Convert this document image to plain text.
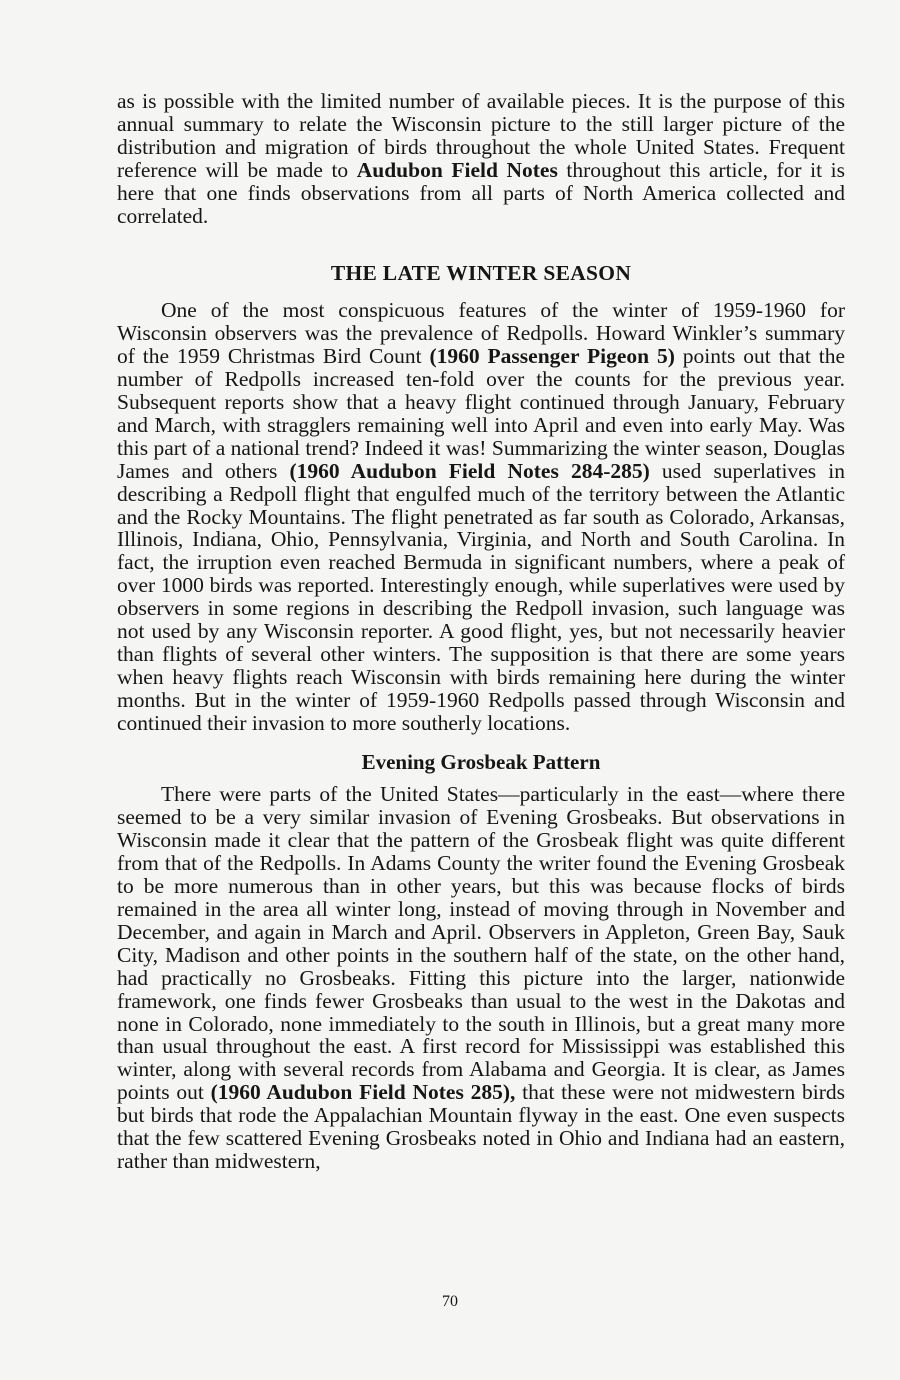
as is possible with the limited number of available pieces. It is the purpose of this annual summary to relate the Wisconsin picture to the still larger picture of the distribution and migration of birds throughout the whole United States. Frequent reference will be made to Audubon Field Notes throughout this article, for it is here that one finds observations from all parts of North America collected and correlated.

THE LATE WINTER SEASON

One of the most conspicuous features of the winter of 1959-1960 for Wisconsin observers was the prevalence of Redpolls. Howard Winkler’s summary of the 1959 Christmas Bird Count (1960 Passenger Pigeon 5) points out that the number of Redpolls increased ten-fold over the counts for the previous year. Subsequent reports show that a heavy flight continued through January, February and March, with stragglers remaining well into April and even into early May. Was this part of a national trend? Indeed it was! Summarizing the winter season, Douglas James and others (1960 Audubon Field Notes 284-285) used superlatives in describing a Redpoll flight that engulfed much of the territory between the Atlantic and the Rocky Mountains. The flight penetrated as far south as Colorado, Arkansas, Illinois, Indiana, Ohio, Pennsylvania, Virginia, and North and South Carolina. In fact, the irruption even reached Bermuda in significant numbers, where a peak of over 1000 birds was reported. Interestingly enough, while superlatives were used by observers in some regions in describing the Redpoll invasion, such language was not used by any Wisconsin reporter. A good flight, yes, but not necessarily heavier than flights of several other winters. The supposition is that there are some years when heavy flights reach Wisconsin with birds remaining here during the winter months. But in the winter of 1959-1960 Redpolls passed through Wisconsin and continued their invasion to more southerly locations.

Evening Grosbeak Pattern

There were parts of the United States—particularly in the east—where there seemed to be a very similar invasion of Evening Grosbeaks. But observations in Wisconsin made it clear that the pattern of the Grosbeak flight was quite different from that of the Redpolls. In Adams County the writer found the Evening Grosbeak to be more numerous than in other years, but this was because flocks of birds remained in the area all winter long, instead of moving through in November and December, and again in March and April. Observers in Appleton, Green Bay, Sauk City, Madison and other points in the southern half of the state, on the other hand, had practically no Grosbeaks. Fitting this picture into the larger, nationwide framework, one finds fewer Grosbeaks than usual to the west in the Dakotas and none in Colorado, none immediately to the south in Illinois, but a great many more than usual throughout the east. A first record for Mississippi was established this winter, along with several records from Alabama and Georgia. It is clear, as James points out (1960 Audubon Field Notes 285), that these were not midwestern birds but birds that rode the Appalachian Mountain flyway in the east. One even suspects that the few scattered Evening Grosbeaks noted in Ohio and Indiana had an eastern, rather than midwestern,

70
